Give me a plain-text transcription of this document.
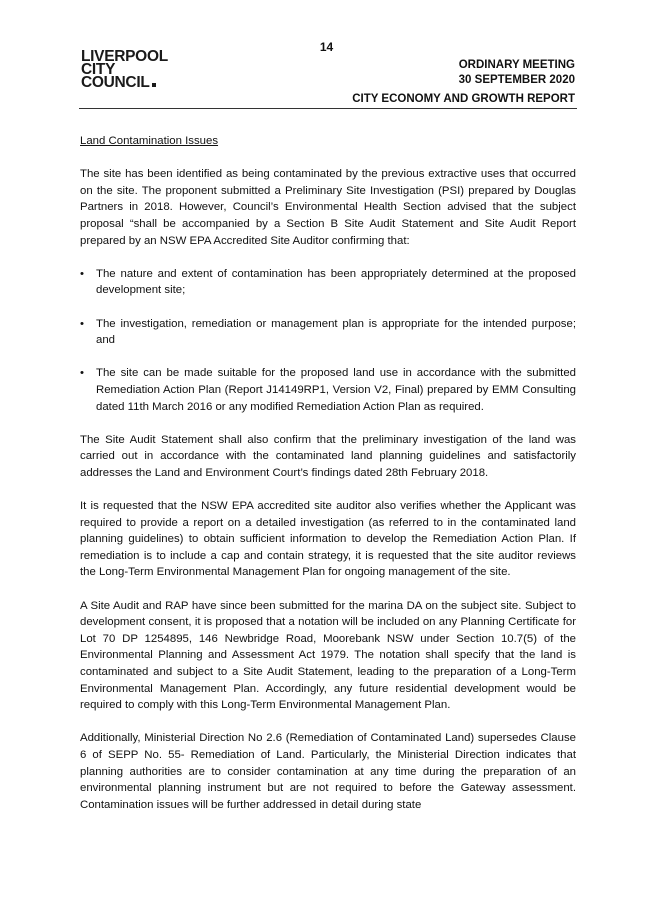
14
LIVERPOOL
CITY
COUNCIL
ORDINARY MEETING
30 SEPTEMBER 2020
CITY ECONOMY AND GROWTH REPORT

Land Contamination Issues

The site has been identified as being contaminated by the previous extractive uses that occurred on the site. The proponent submitted a Preliminary Site Investigation (PSI) prepared by Douglas Partners in 2018. However, Council’s Environmental Health Section advised that the subject proposal “shall be accompanied by a Section B Site Audit Statement and Site Audit Report prepared by an NSW EPA Accredited Site Auditor confirming that:

• The nature and extent of contamination has been appropriately determined at the proposed development site;
• The investigation, remediation or management plan is appropriate for the intended purpose; and
• The site can be made suitable for the proposed land use in accordance with the submitted Remediation Action Plan (Report J14149RP1, Version V2, Final) prepared by EMM Consulting dated 11th March 2016 or any modified Remediation Action Plan as required.

The Site Audit Statement shall also confirm that the preliminary investigation of the land was carried out in accordance with the contaminated land planning guidelines and satisfactorily addresses the Land and Environment Court’s findings dated 28th February 2018.

It is requested that the NSW EPA accredited site auditor also verifies whether the Applicant was required to provide a report on a detailed investigation (as referred to in the contaminated land planning guidelines) to obtain sufficient information to develop the Remediation Action Plan. If remediation is to include a cap and contain strategy, it is requested that the site auditor reviews the Long-Term Environmental Management Plan for ongoing management of the site.

A Site Audit and RAP have since been submitted for the marina DA on the subject site. Subject to development consent, it is proposed that a notation will be included on any Planning Certificate for Lot 70 DP 1254895, 146 Newbridge Road, Moorebank NSW under Section 10.7(5) of the Environmental Planning and Assessment Act 1979. The notation shall specify that the land is contaminated and subject to a Site Audit Statement, leading to the preparation of a Long-Term Environmental Management Plan. Accordingly, any future residential development would be required to comply with this Long-Term Environmental Management Plan.

Additionally, Ministerial Direction No 2.6 (Remediation of Contaminated Land) supersedes Clause 6 of SEPP No. 55- Remediation of Land. Particularly, the Ministerial Direction indicates that planning authorities are to consider contamination at any time during the preparation of an environmental planning instrument but are not required to before the Gateway assessment. Contamination issues will be further addressed in detail during state
